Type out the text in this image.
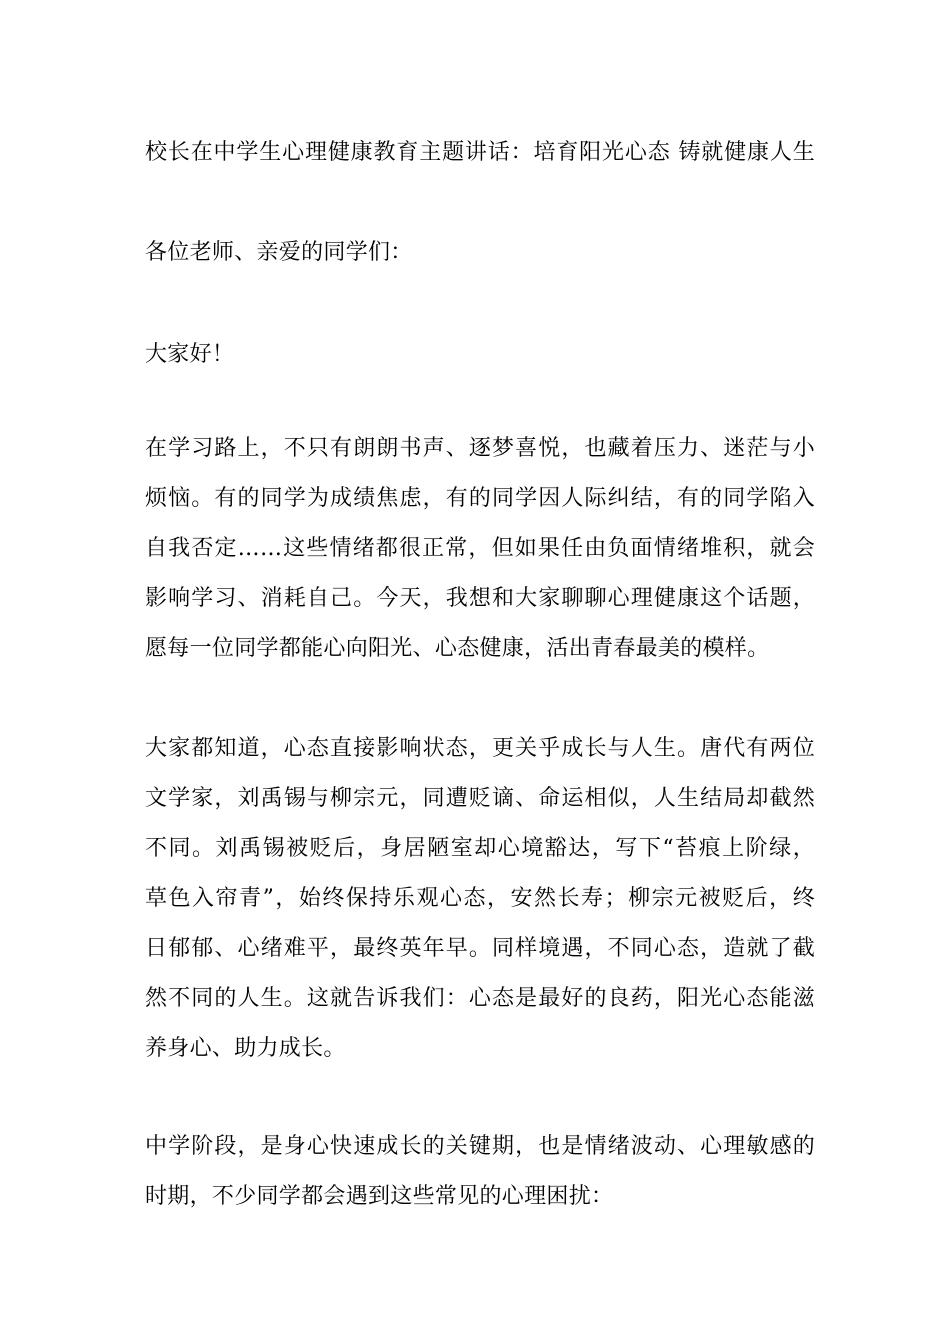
校长在中学生心理健康教育主题讲话：培育阳光心态 铸就健康人生
各位老师、亲爱的同学们：
大家好！
在学习路上，不只有朗朗书声、逐梦喜悦，也藏着压力、迷茫与小
烦恼。有的同学为成绩焦虑，有的同学因人际纠结，有的同学陷入
自我否定……这些情绪都很正常，但如果任由负面情绪堆积，就会
影响学习、消耗自己。今天，我想和大家聊聊心理健康这个话题，
愿每一位同学都能心向阳光、心态健康，活出青春最美的模样。
大家都知道，心态直接影响状态，更关乎成长与人生。唐代有两位
文学家，刘禹锡与柳宗元，同遭贬谪、命运相似，人生结局却截然
不同。刘禹锡被贬后，身居陋室却心境豁达，写下“苔痕上阶绿，
草色入帘青”，始终保持乐观心态，安然长寿；柳宗元被贬后，终
日郁郁、心绪难平，最终英年早。同样境遇，不同心态，造就了截
然不同的人生。这就告诉我们：心态是最好的良药，阳光心态能滋
养身心、助力成长。
中学阶段，是身心快速成长的关键期，也是情绪波动、心理敏感的
时期，不少同学都会遇到这些常见的心理困扰：
